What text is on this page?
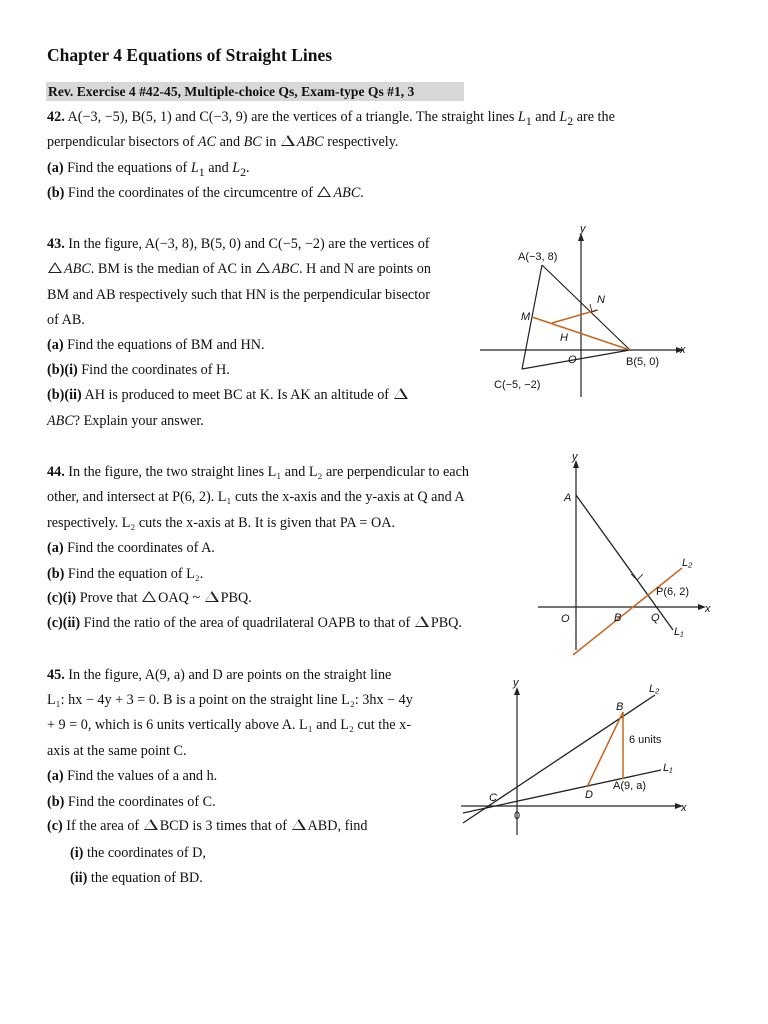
Chapter 4 Equations of Straight Lines
Rev. Exercise 4 #42-45, Multiple-choice Qs, Exam-type Qs #1, 3
42. A(−3, −5), B(5, 1) and C(−3, 9) are the vertices of a triangle. The straight lines $L_1$ and $L_2$ are the
perpendicular bisectors of AC and BC in ABC respectively.
(a) Find the equations of $L_1$ and $L_2$.
(b) Find the coordinates of the circumcentre of ABC.
43. In the figure, A(−3, 8), B(5, 0) and C(−5, −2) are the vertices of
ABC. BM is the median of AC in ABC. H and N are points on
BM and AB respectively such that HN is the perpendicular bisector
of AB.
(a) Find the equations of BM and HN.
(b)(i) Find the coordinates of H.
(b)(ii) AH is produced to meet BC at K. Is AK an altitude of
ABC? Explain your answer.
44. In the figure, the two straight lines L₁ and L₂ are perpendicular to each
other, and intersect at P(6, 2). L₁ cuts the x-axis and the y-axis at Q and A
respectively. L₂ cuts the x-axis at B. It is given that PA = OA.
(a) Find the coordinates of A.
(b) Find the equation of L₂.
(c)(i) Prove that OAQ ~ PBQ.
(c)(ii) Find the ratio of the area of quadrilateral OAPB to that of PBQ.
45. In the figure, A(9, a) and D are points on the straight line
L₁: hx − 4y + 3 = 0. B is a point on the straight line L₂: 3hx − 4y
+ 9 = 0, which is 6 units vertically above A. L₁ and L₂ cut the x-
axis at the same point C.
(a) Find the values of a and h.
(b) Find the coordinates of C.
(c) If the area of BCD is 3 times that of ABD, find
(i) the coordinates of D,
(ii) the equation of BD.
A(−3, 8)
B(5, 0)
C(−5, −2)
M
H
N
O
x
y
A
O	B	Q
P(6, 2)
L₁
L₂
x
y
B
C	D
A(9, a)
0
6 units
L₁
L₂
x
y
